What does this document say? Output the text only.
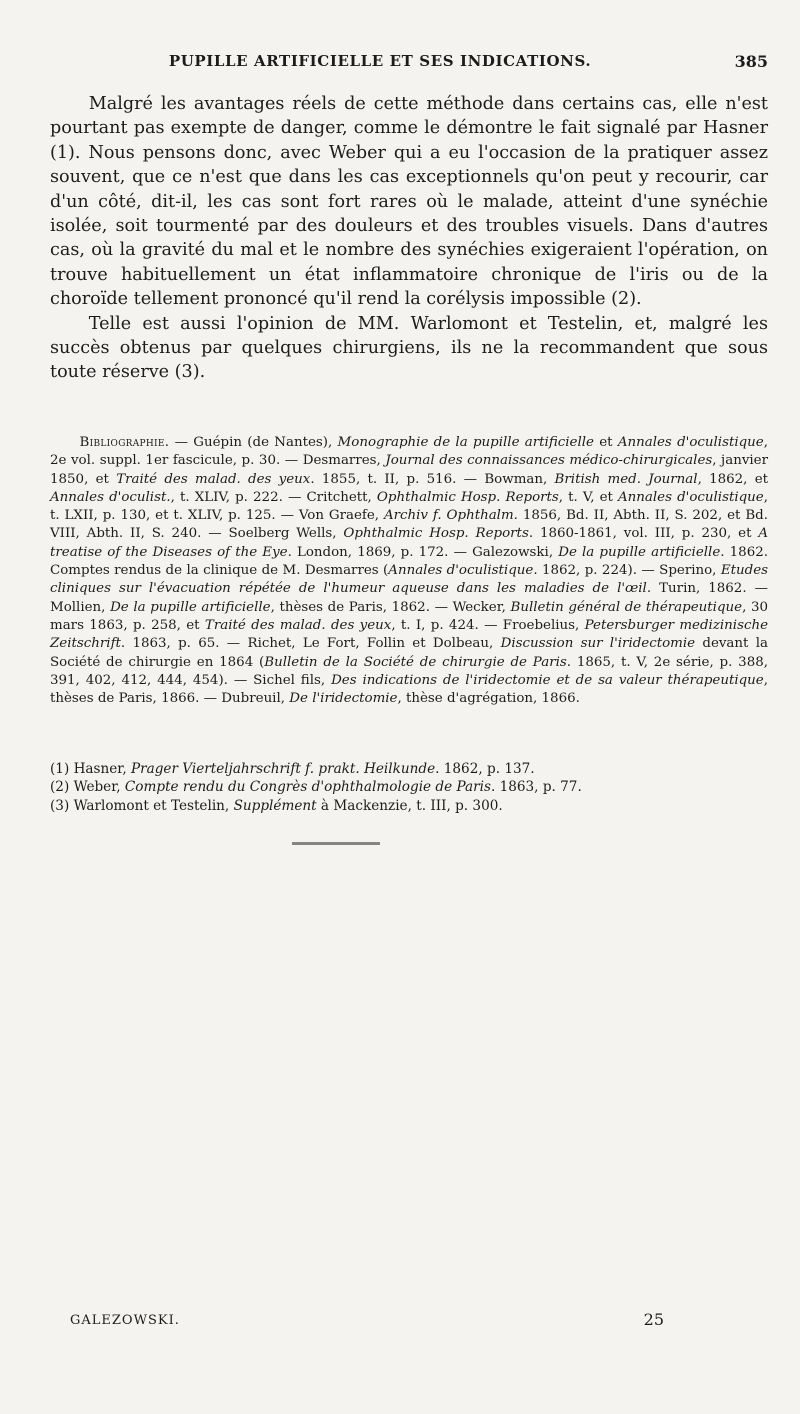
PUPILLE ARTIFICIELLE ET SES INDICATIONS.	385

Malgré les avantages réels de cette méthode dans certains cas, elle n'est pourtant pas exempte de danger, comme le démontre le fait signalé par Hasner (1). Nous pensons donc, avec Weber qui a eu l'occasion de la pratiquer assez souvent, que ce n'est que dans les cas exceptionnels qu'on peut y recourir, car d'un côté, dit-il, les cas sont fort rares où le malade, atteint d'une synéchie isolée, soit tourmenté par des douleurs et des troubles visuels. Dans d'autres cas, où la gravité du mal et le nombre des synéchies exigeraient l'opération, on trouve habituellement un état inflammatoire chronique de l'iris ou de la choroïde tellement prononcé qu'il rend la corélysis impossible (2).

Telle est aussi l'opinion de MM. Warlomont et Testelin, et, malgré les succès obtenus par quelques chirurgiens, ils ne la recommandent que sous toute réserve (3).

Bibliographie. — Guépin (de Nantes), Monographie de la pupille artificielle et Annales d'oculistique, 2e vol. suppl. 1er fascicule, p. 30. — Desmarres, Journal des connaissances médico-chirurgicales, janvier 1850, et Traité des malad. des yeux. 1855, t. II, p. 516. — Bowman, British med. Journal, 1862, et Annales d'oculist., t. XLIV, p. 222. — Critchett, Ophthalmic Hosp. Reports, t. V, et Annales d'oculistique, t. LXII, p. 130, et t. XLIV, p. 125. — Von Graefe, Archiv f. Ophthalm. 1856, Bd. II, Abth. II, S. 202, et Bd. VIII, Abth. II, S. 240. — Soelberg Wells, Ophthalmic Hosp. Reports. 1860-1861, vol. III, p. 230, et A treatise of the Diseases of the Eye. London, 1869, p. 172. — Galezowski, De la pupille artificielle. 1862. Comptes rendus de la clinique de M. Desmarres (Annales d'oculistique. 1862, p. 224). — Sperino, Etudes cliniques sur l'évacuation répétée de l'humeur aqueuse dans les maladies de l'œil. Turin, 1862. — Mollien, De la pupille artificielle, thèses de Paris, 1862. — Wecker, Bulletin général de thérapeutique, 30 mars 1863, p. 258, et Traité des malad. des yeux, t. I, p. 424. — Froebelius, Petersburger medizinische Zeitschrift. 1863, p. 65. — Richet, Le Fort, Follin et Dolbeau, Discussion sur l'iridectomie devant la Société de chirurgie en 1864 (Bulletin de la Société de chirurgie de Paris. 1865, t. V, 2e série, p. 388, 391, 402, 412, 444, 454). — Sichel fils, Des indications de l'iridectomie et de sa valeur thérapeutique, thèses de Paris, 1866. — Dubreuil, De l'iridectomie, thèse d'agrégation, 1866.

(1) Hasner, Prager Vierteljahrschrift f. prakt. Heilkunde. 1862, p. 137.

(2) Weber, Compte rendu du Congrès d'ophthalmologie de Paris. 1863, p. 77.

(3) Warlomont et Testelin, Supplément à Mackenzie, t. III, p. 300.

GALEZOWSKI.	25
